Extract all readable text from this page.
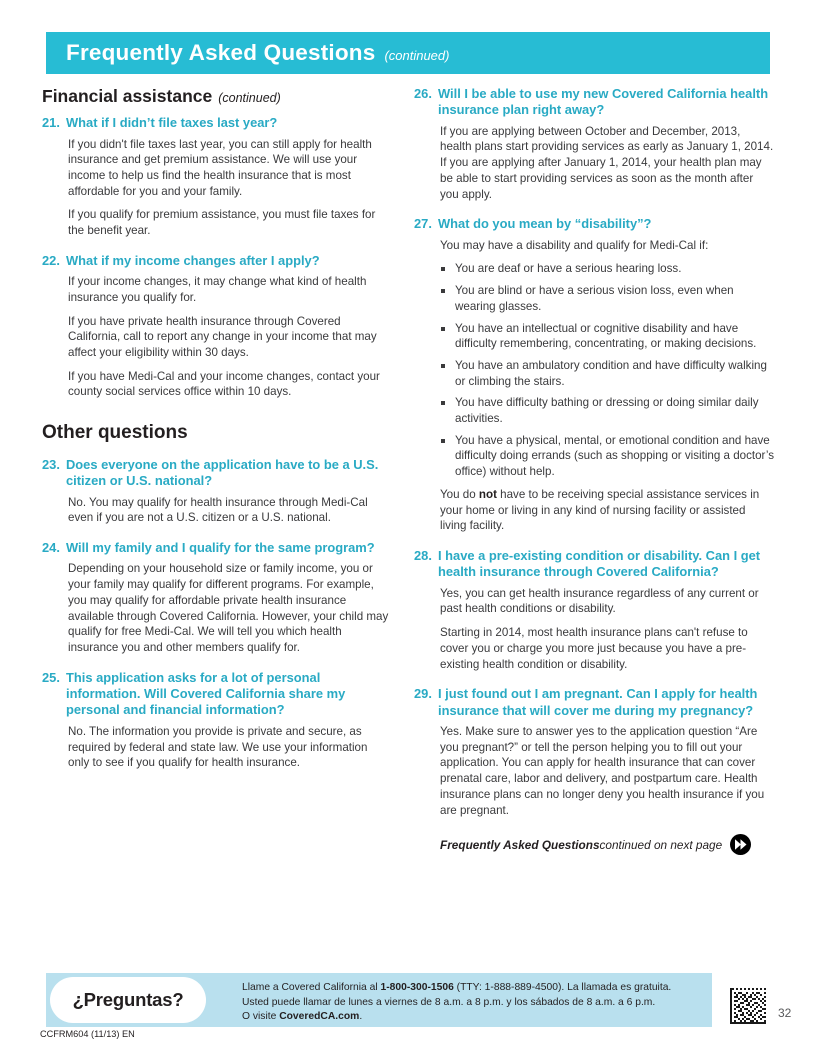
Frequently Asked Questions (continued)
Financial assistance (continued)
21. What if I didn’t file taxes last year?

If you didn't file taxes last year, you can still apply for health insurance and get premium assistance. We will use your income to help us find the health insurance that is most affordable for you and your family.

If you qualify for premium assistance, you must file taxes for the benefit year.

22. What if my income changes after I apply?

If your income changes, it may change what kind of health insurance you qualify for.

If you have private health insurance through Covered California, call to report any change in your income that may affect your eligibility within 30 days.

If you have Medi-Cal and your income changes, contact your county social services office within 10 days.

Other questions
23. Does everyone on the application have to be a U.S. citizen or U.S. national?

No. You may qualify for health insurance through Medi-Cal even if you are not a U.S. citizen or a U.S. national.

24. Will my family and I qualify for the same program?

Depending on your household size or family income, you or your family may qualify for different programs. For example, you may qualify for affordable private health insurance available through Covered California. However, your child may qualify for free Medi-Cal. We will tell you which health insurance you and other members qualify for.

25. This application asks for a lot of personal information. Will Covered California share my personal and financial information?

No. The information you provide is private and secure, as required by federal and state law. We use your information only to see if you qualify for health insurance.

26. Will I be able to use my new Covered California health insurance plan right away?

If you are applying between October and December, 2013, health plans start providing services as early as January 1, 2014. If you are applying after January 1, 2014, your health plan may be able to start providing services as soon as the month after you apply.

27. What do you mean by “disability”?

You may have a disability and qualify for Medi-Cal if:

You are deaf or have a serious hearing loss.
You are blind or have a serious vision loss, even when wearing glasses.
You have an intellectual or cognitive disability and have difficulty remembering, concentrating, or making decisions.
You have an ambulatory condition and have difficulty walking or climbing the stairs.
You have difficulty bathing or dressing or doing similar daily activities.
You have a physical, mental, or emotional condition and have difficulty doing errands (such as shopping or visiting a doctor’s office) without help.

You do not have to be receiving special assistance services in your home or living in any kind of nursing facility or assisted living facility.

28. I have a pre-existing condition or disability. Can I get health insurance through Covered California?

Yes, you can get health insurance regardless of any current or past health conditions or disability.

Starting in 2014, most health insurance plans can't refuse to cover you or charge you more just because you have a pre-existing health condition or disability.

29. I just found out I am pregnant. Can I apply for health insurance that will cover me during my pregnancy?

Yes. Make sure to answer yes to the application question “Are you pregnant?” or tell the person helping you to fill out your application. You can apply for health insurance that can cover prenatal care, labor and delivery, and postpartum care. Health insurance plans can no longer deny you health insurance if you are pregnant.

Frequently Asked Questions continued on next page
¿Preguntas?
Llame a Covered California al 1-800-300-1506 (TTY: 1-888-889-4500). La llamada es gratuita.
Usted puede llamar de lunes a viernes de 8 a.m. a 8 p.m. y los sábados de 8 a.m. a 6 p.m.
O visite CoveredCA.com.
CCFRM604 (11/13) EN
32
